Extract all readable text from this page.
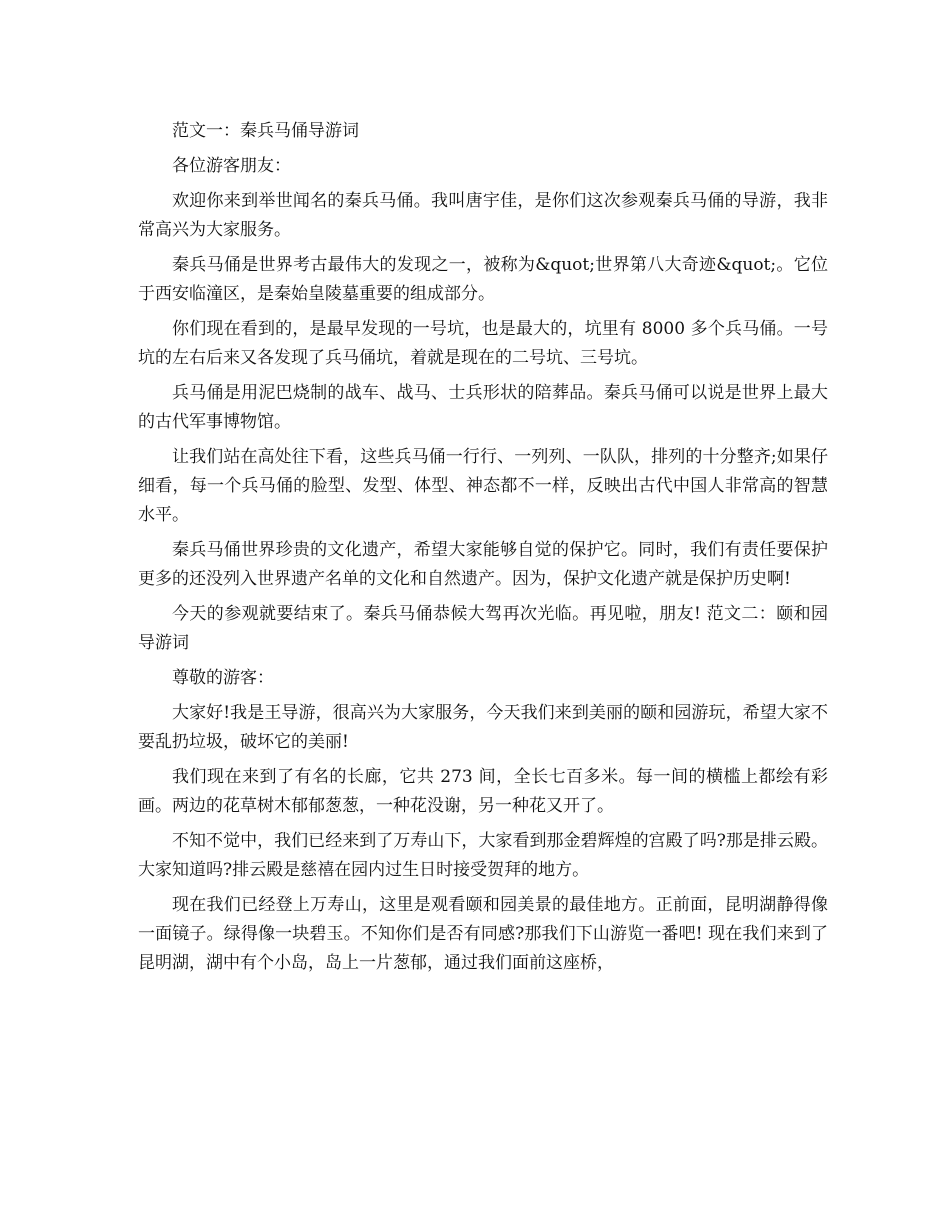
范文一：秦兵马俑导游词

各位游客朋友：

欢迎你来到举世闻名的秦兵马俑。我叫唐宇佳，是你们这次参观秦兵马俑的导游，我非常高兴为大家服务。

秦兵马俑是世界考古最伟大的发现之一，被称为&quot;世界第八大奇迹&quot;。它位于西安临潼区，是秦始皇陵墓重要的组成部分。

你们现在看到的，是最早发现的一号坑，也是最大的，坑里有 8000 多个兵马俑。一号坑的左右后来又各发现了兵马俑坑，着就是现在的二号坑、三号坑。

兵马俑是用泥巴烧制的战车、战马、士兵形状的陪葬品。秦兵马俑可以说是世界上最大的古代军事博物馆。

让我们站在高处往下看，这些兵马俑一行行、一列列、一队队，排列的十分整齐;如果仔细看，每一个兵马俑的脸型、发型、体型、神态都不一样，反映出古代中国人非常高的智慧水平。

秦兵马俑世界珍贵的文化遗产，希望大家能够自觉的保护它。同时，我们有责任要保护更多的还没列入世界遗产名单的文化和自然遗产。因为，保护文化遗产就是保护历史啊!

今天的参观就要结束了。秦兵马俑恭候大驾再次光临。再见啦，朋友! 范文二：颐和园导游词

尊敬的游客：

大家好!我是王导游，很高兴为大家服务，今天我们来到美丽的颐和园游玩，希望大家不要乱扔垃圾，破坏它的美丽!

我们现在来到了有名的长廊，它共 273 间，全长七百多米。每一间的横槛上都绘有彩画。两边的花草树木郁郁葱葱，一种花没谢，另一种花又开了。

不知不觉中，我们已经来到了万寿山下，大家看到那金碧辉煌的宫殿了吗?那是排云殿。大家知道吗?排云殿是慈禧在园内过生日时接受贺拜的地方。

现在我们已经登上万寿山，这里是观看颐和园美景的最佳地方。正前面，昆明湖静得像一面镜子。绿得像一块碧玉。不知你们是否有同感?那我们下山游览一番吧! 现在我们来到了昆明湖，湖中有个小岛，岛上一片葱郁，通过我们面前这座桥，
